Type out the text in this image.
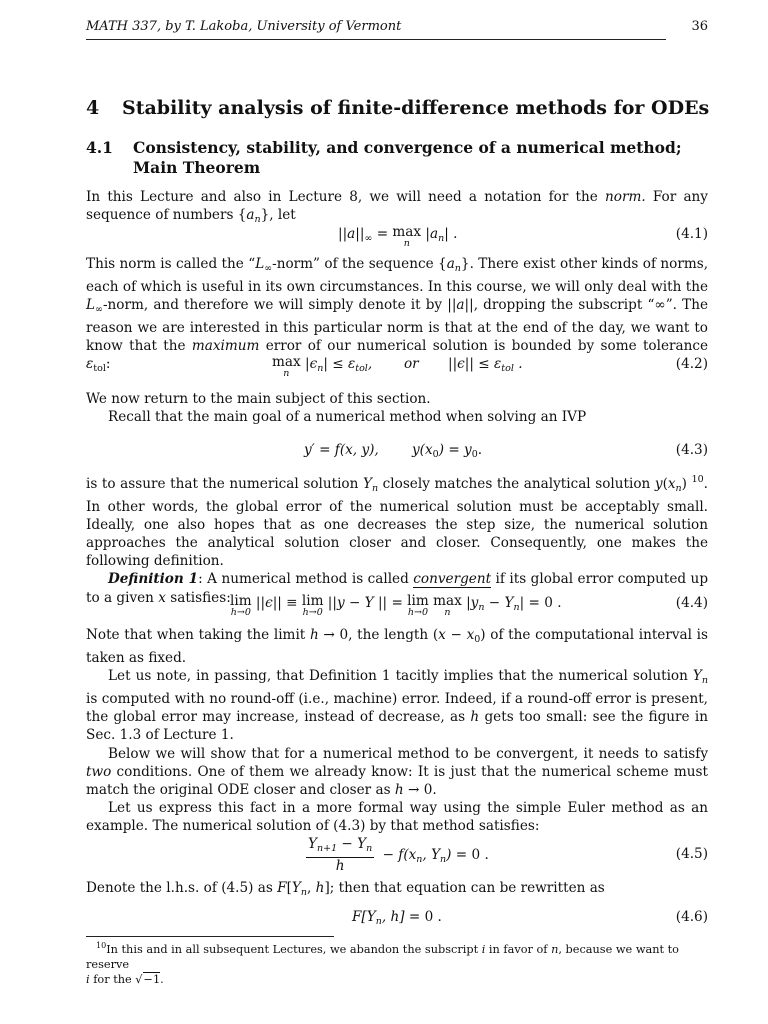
MATH 337, by T. Lakoba, University of Vermont	36
4 Stability analysis of finite-difference methods for ODEs
4.1 Consistency, stability, and convergence of a numerical method;
Main Theorem

In this Lecture and also in Lecture 8, we will need a notation for the norm. For any sequence of numbers $\{a_n\}$, let

$||a||_\infty = \max$
n
$|a_n|$ .	(4.1)

This norm is called the “$L_\infty$-norm” of the sequence $\{a_n\}$. There exist other kinds of norms, each of which is useful in its own circumstances. In this course, we will only deal with the $L_\infty$-norm, and therefore we will simply denote it by ||a||, dropping the subscript “∞”. The reason we are interested in this particular norm is that at the end of the day, we want to know that the maximum error of our numerical solution is bounded by some tolerance $\varepsilon_{tol}$:	max
n
$|\epsilon_n| \le \varepsilon_{tol}$, or $||\epsilon|| \le \varepsilon_{tol}$ .	(4.2)

We now return to the main subject of this section.

Recall that the main goal of a numerical method when solving an IVP

y′ = f(x, y), $y(x_0) = y_0$.	(4.3)

is to assure that the numerical solution $Y_n$ closely matches the analytical solution $y(x_n)$ $^{10}$. In other words, the global error of the numerical solution must be acceptably small. Ideally, one also hopes that as one decreases the step size, the numerical solution approaches the analytical solution closer and closer. Consequently, one makes the following definition.

Definition 1: A numerical method is called convergent if its global error computed up to a given x satisfies: lim
h→0
||ϵ|| ≡ lim
h→0
||y − Y || = lim
h→0
max
n
$|y_n - Y_n| = 0$ .	(4.4)

Note that when taking the limit h → 0, the length $(x - x_0)$ of the computational interval is taken as fixed.

Let us note, in passing, that Definition 1 tacitly implies that the numerical solution $Y_n$ is computed with no round-off (i.e., machine) error. Indeed, if a round-off error is present, the global error may increase, instead of decrease, as h gets too small: see the figure in Sec. 1.3 of Lecture 1.

Below we will show that for a numerical method to be convergent, it needs to satisfy two conditions. One of them we already know: It is just that the numerical scheme must match the original ODE closer and closer as h → 0.

Let us express this fact in a more formal way using the simple Euler method as an example. The numerical solution of (4.3) by that method satisfies:

$\frac{Y_{n+1} - Y_n}{h} - f(x_n$, $Y_n) = 0$ .	(4.5)

Denote the l.h.s. of (4.5) as $F[Y_n$, h]; then that equation can be rewritten as

$F[Y_n$, h] = 0 .	(4.6)
$^{10}$In this and in all subsequent Lectures, we abandon the subscript i in favor of n, because we want to reserve
i for the √−1.
